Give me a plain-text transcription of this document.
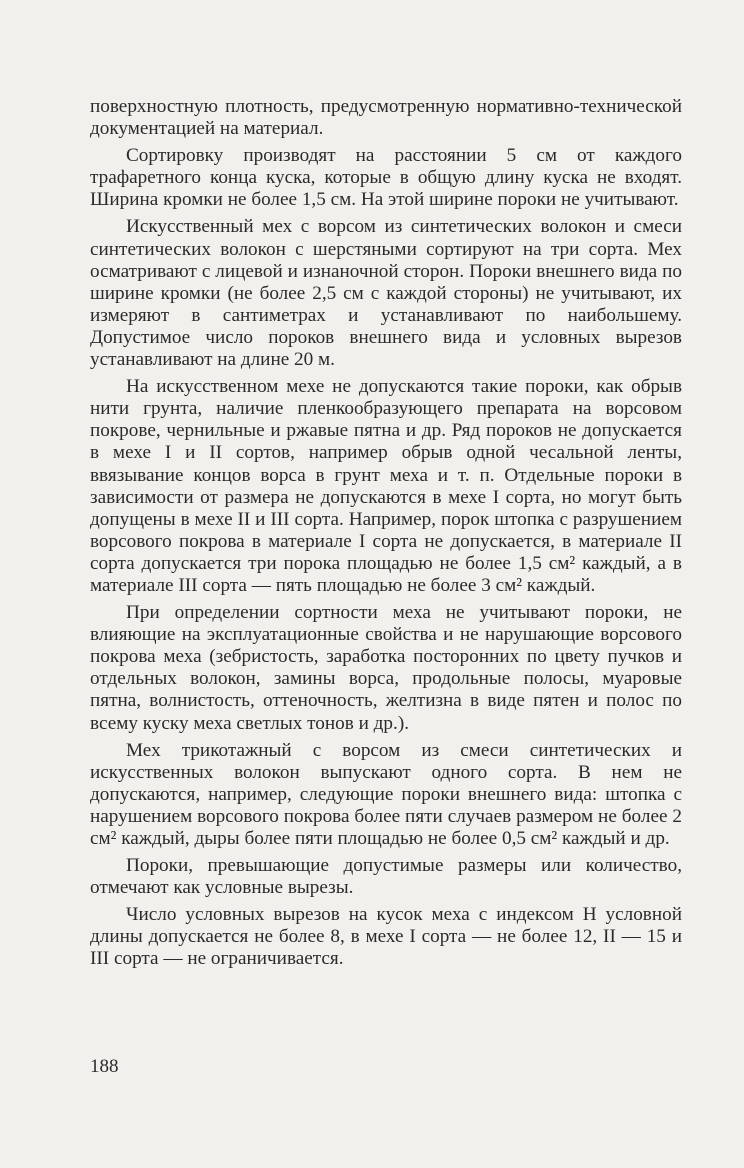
поверхностную плотность, предусмотренную нормативно-технической документацией на материал.

Сортировку производят на расстоянии 5 см от каждого трафаретного конца куска, которые в общую длину куска не входят. Ширина кромки не более 1,5 см. На этой ширине пороки не учитывают.

Искусственный мех с ворсом из синтетических волокон и смеси синтетических волокон с шерстяными сортируют на три сорта. Мех осматривают с лицевой и изнаночной сторон. Пороки внешнего вида по ширине кромки (не более 2,5 см с каждой стороны) не учитывают, их измеряют в сантиметрах и устанавливают по наибольшему. Допустимое число пороков внешнего вида и условных вырезов устанавливают на длине 20 м.

На искусственном мехе не допускаются такие пороки, как обрыв нити грунта, наличие пленкообразующего препарата на ворсовом покрове, чернильные и ржавые пятна и др. Ряд пороков не допускается в мехе I и II сортов, например обрыв одной чесальной ленты, ввязывание концов ворса в грунт меха и т. п. Отдельные пороки в зависимости от размера не допускаются в мехе I сорта, но могут быть допущены в мехе II и III сорта. Например, порок штопка с разрушением ворсового покрова в материале I сорта не допускается, в материале II сорта допускается три порока площадью не более 1,5 см² каждый, а в материале III сорта — пять площадью не более 3 см² каждый.

При определении сортности меха не учитывают пороки, не влияющие на эксплуатационные свойства и не нарушающие ворсового покрова меха (зебристость, заработка посторонних по цвету пучков и отдельных волокон, замины ворса, продольные полосы, муаровые пятна, волнистость, оттеночность, желтизна в виде пятен и полос по всему куску меха светлых тонов и др.).

Мех трикотажный с ворсом из смеси синтетических и искусственных волокон выпускают одного сорта. В нем не допускаются, например, следующие пороки внешнего вида: штопка с нарушением ворсового покрова более пяти случаев размером не более 2 см² каждый, дыры более пяти площадью не более 0,5 см² каждый и др.

Пороки, превышающие допустимые размеры или количество, отмечают как условные вырезы.

Число условных вырезов на кусок меха с индексом Н условной длины допускается не более 8, в мехе I сорта — не более 12, II — 15 и III сорта — не ограничивается.

188
